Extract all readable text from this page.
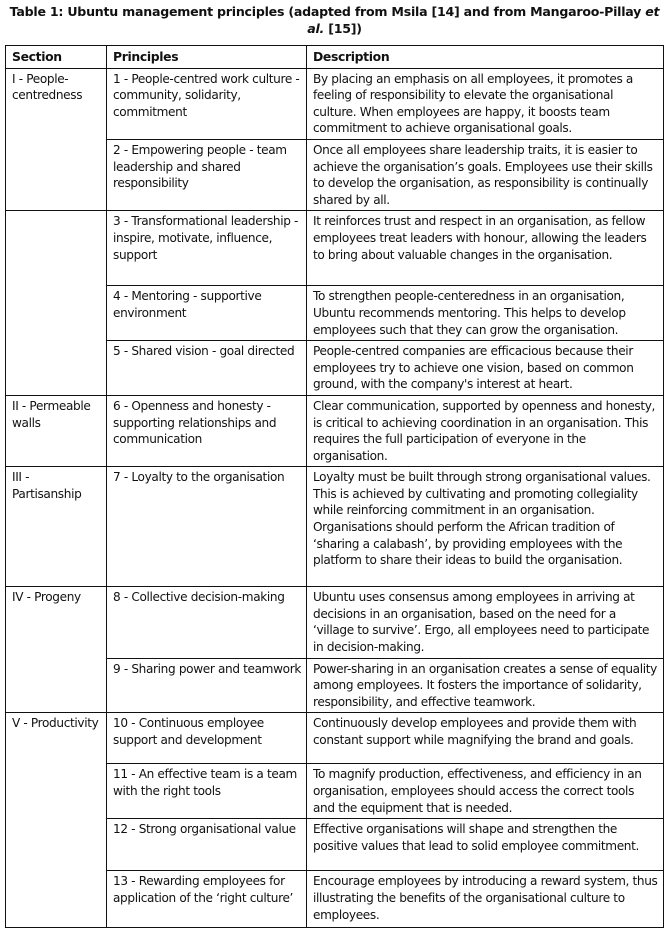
Table 1: Ubuntu management principles (adapted from Msila [14] and from Mangaroo-Pillay et al. [15])
Section	Principles	Description
I - People-centredness	1 - People-centred work culture - community, solidarity, commitment	By placing an emphasis on all employees, it promotes a feeling of responsibility to elevate the organisational culture. When employees are happy, it boosts team commitment to achieve organisational goals.
	2 - Empowering people - team leadership and shared responsibility	Once all employees share leadership traits, it is easier to achieve the organisation’s goals. Employees use their skills to develop the organisation, as responsibility is continually shared by all.
	3 - Transformational leadership - inspire, motivate, influence, support	It reinforces trust and respect in an organisation, as fellow employees treat leaders with honour, allowing the leaders to bring about valuable changes in the organisation.
	4 - Mentoring - supportive environment	To strengthen people-centeredness in an organisation, Ubuntu recommends mentoring. This helps to develop employees such that they can grow the organisation.
	5 - Shared vision - goal directed	People-centred companies are efficacious because their employees try to achieve one vision, based on common ground, with the company's interest at heart.
II - Permeable walls	6 - Openness and honesty - supporting relationships and communication	Clear communication, supported by openness and honesty, is critical to achieving coordination in an organisation. This requires the full participation of everyone in the organisation.
III - Partisanship	7 - Loyalty to the organisation	Loyalty must be built through strong organisational values. This is achieved by cultivating and promoting collegiality while reinforcing commitment in an organisation. Organisations should perform the African tradition of ‘sharing a calabash’, by providing employees with the platform to share their ideas to build the organisation.
IV - Progeny	8 - Collective decision-making	Ubuntu uses consensus among employees in arriving at decisions in an organisation, based on the need for a ‘village to survive’. Ergo, all employees need to participate in decision-making.
	9 - Sharing power and teamwork	Power-sharing in an organisation creates a sense of equality among employees. It fosters the importance of solidarity, responsibility, and effective teamwork.
V - Productivity	10 - Continuous employee support and development	Continuously develop employees and provide them with constant support while magnifying the brand and goals.
	11 - An effective team is a team with the right tools	To magnify production, effectiveness, and efficiency in an organisation, employees should access the correct tools and the equipment that is needed.
	12 - Strong organisational value	Effective organisations will shape and strengthen the positive values that lead to solid employee commitment.
	13 - Rewarding employees for application of the ‘right culture’	Encourage employees by introducing a reward system, thus illustrating the benefits of the organisational culture to employees.
